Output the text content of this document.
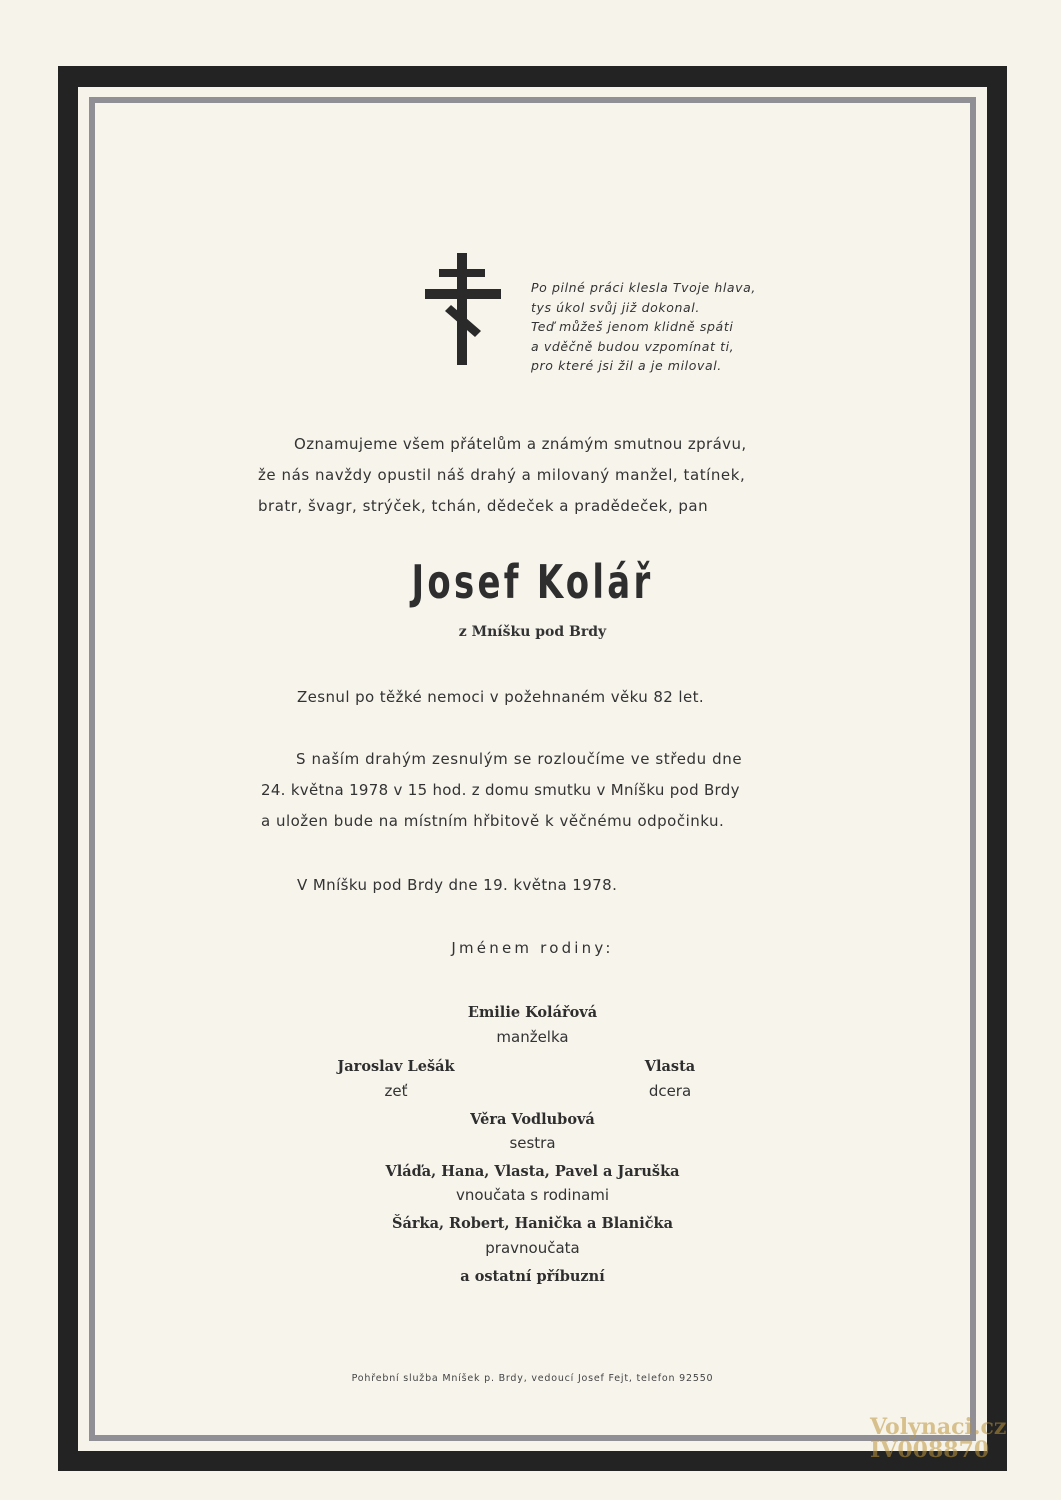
Po pilné práci klesla Tvoje hlava,
tys úkol svůj již dokonal.
Teď můžeš jenom klidně spáti
a vděčně budou vzpomínat ti,
pro které jsi žil a je miloval.
Oznamujeme všem přátelům a známým smutnou zprávu,
že nás navždy opustil náš drahý a milovaný manžel, tatínek,
bratr, švagr, strýček, tchán, dědeček a pradědeček, pan
Josef Kolář
z Mníšku pod Brdy
Zesnul po těžké nemoci v požehnaném věku 82 let.
S naším drahým zesnulým se rozloučíme ve středu dne
24. května 1978 v 15 hod. z domu smutku v Mníšku pod Brdy
a uložen bude na místním hřbitově k věčnému odpočinku.
V Mníšku pod Brdy dne 19. května 1978.
Jménem rodiny:
Emilie Kolářová
manželka
Jaroslav Lešák
zeť
Vlasta
dcera
Věra Vodlubová
sestra
Vláďa, Hana, Vlasta, Pavel a Jaruška
vnoučata s rodinami
Šárka, Robert, Hanička a Blanička
pravnoučata
a ostatní příbuzní
Pohřební služba Mníšek p. Brdy, vedoucí Josef Fejt, telefon 92550
Volynaci.cz
IV008870
